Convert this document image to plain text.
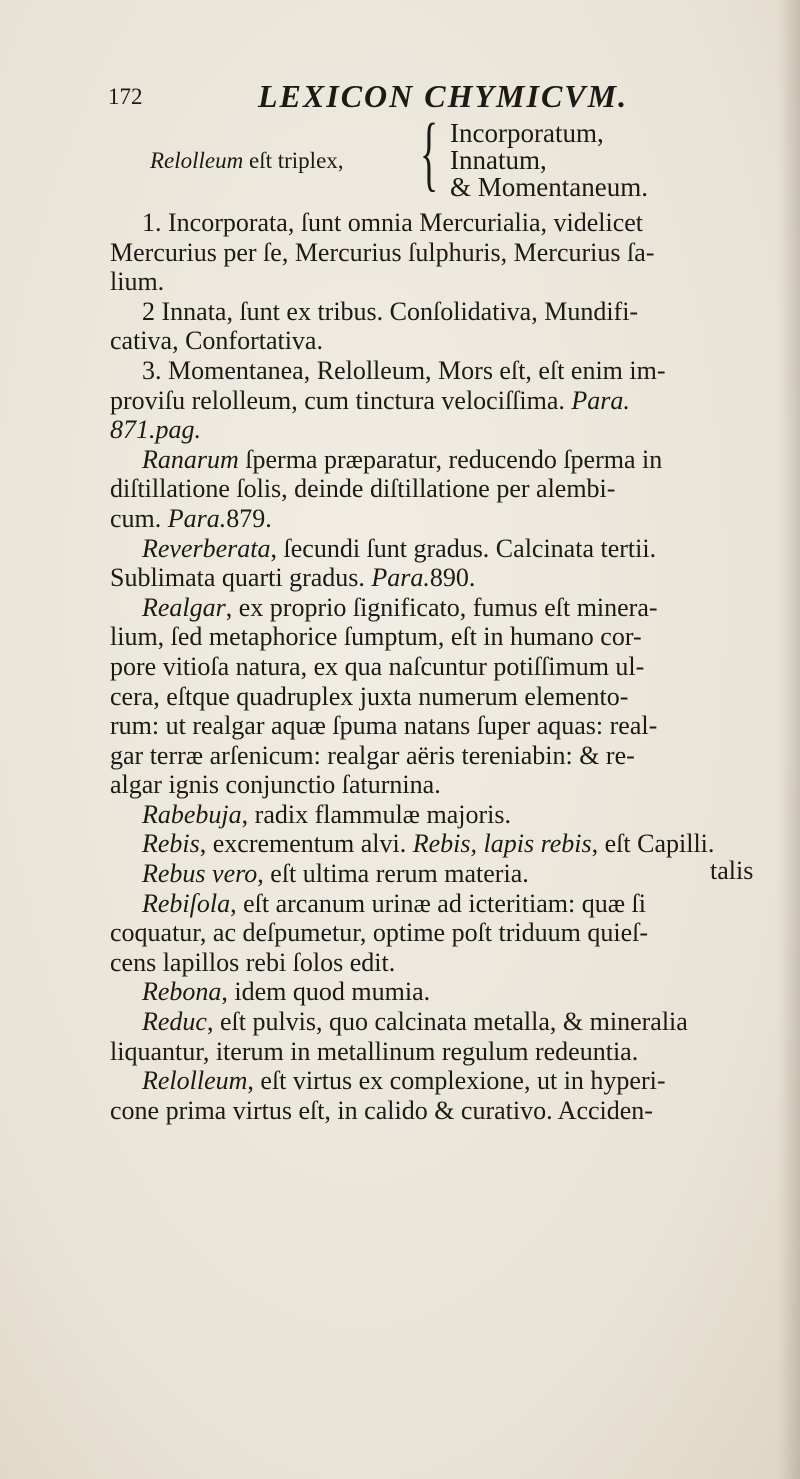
172	LEXICON CHYMICVM.
Relolleum eſt triplex, { Incorporatum,
Innatum,
& Momentaneum.
1. Incorporata, ſunt omnia Mercurialia, videlicet
Mercurius per ſe, Mercurius ſulphuris, Mercurius ſa-
lium.
2 Innata, ſunt ex tribus. Conſolidativa, Mundifi-
cativa, Confortativa.
3. Momentanea, Relolleum, Mors eſt, eſt enim im-
proviſu relolleum, cum tinctura velociſſima. Para.
871.pag.
Ranarum ſperma præparatur, reducendo ſperma in
diſtillatione ſolis, deinde diſtillatione per alembi-
cum. Para.879.
Reverberata, ſecundi ſunt gradus. Calcinata tertii.
Sublimata quarti gradus. Para.890.
Realgar, ex proprio ſignificato, fumus eſt minera-
lium, ſed metaphorice ſumptum, eſt in humano cor-
pore vitioſa natura, ex qua naſcuntur potiſſimum ul-
cera, eſtque quadruplex juxta numerum elemento-
rum: ut realgar aquæ ſpuma natans ſuper aquas: real-
gar terræ arſenicum: realgar aëris tereniabin: & re-
algar ignis conjunctio ſaturnina.
Rabebuja, radix flammulæ majoris.
Rebis, excrementum alvi. Rebis, lapis rebis, eſt Capilli.
Rebus vero, eſt ultima rerum materia.
Rebiſola, eſt arcanum urinæ ad icteritiam: quæ ſi
coquatur, ac deſpumetur, optime poſt triduum quieſ-
cens lapillos rebi ſolos edit.
Rebona, idem quod mumia.
Reduc, eſt pulvis, quo calcinata metalla, & mineralia
liquantur, iterum in metallinum regulum redeuntia.
Relolleum, eſt virtus ex complexione, ut in hyperi-
cone prima virtus eſt, in calido & curativo. Acciden-
talis
